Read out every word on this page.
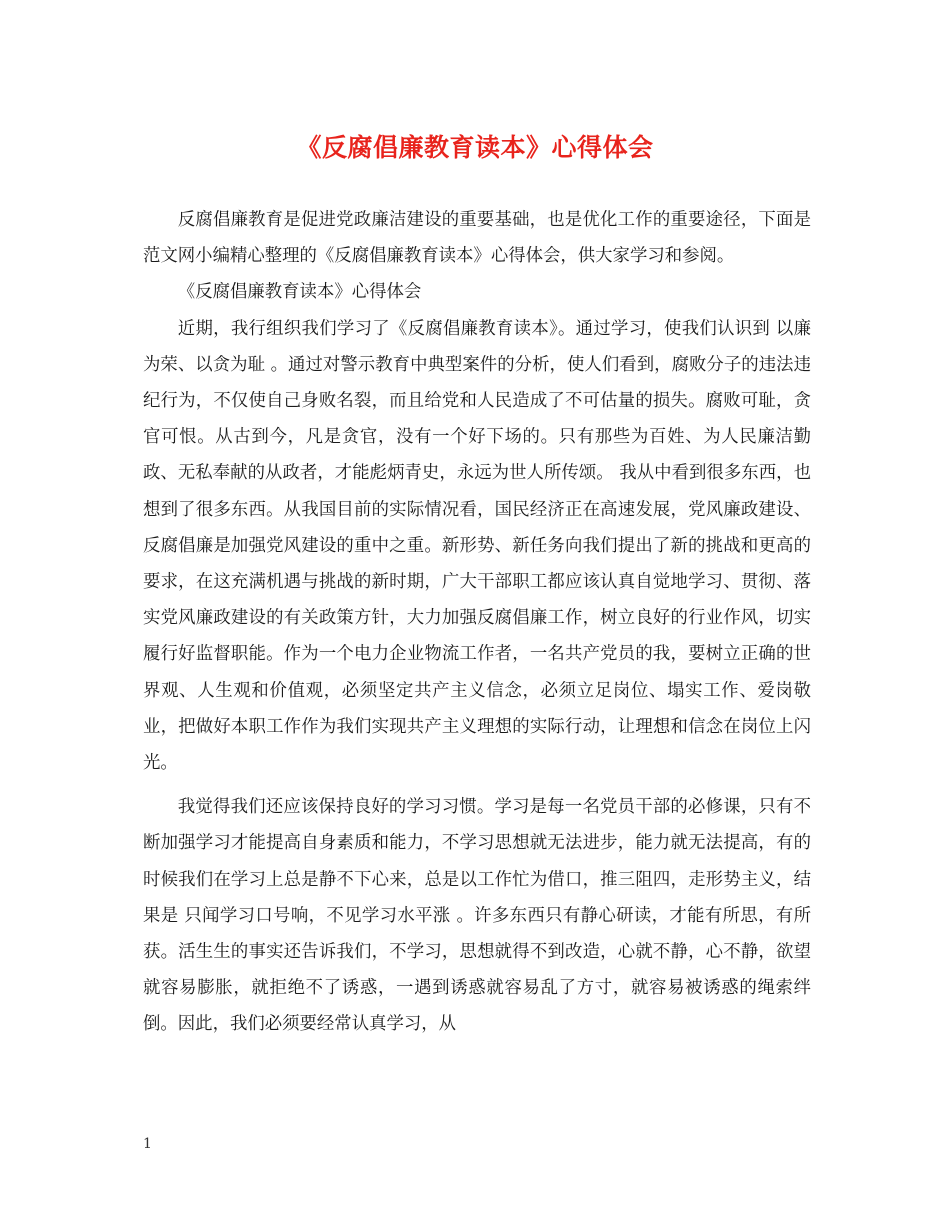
《反腐倡廉教育读本》心得体会

反腐倡廉教育是促进党政廉洁建设的重要基础，也是优化工作的重要途径，下面是范文网小编精心整理的《反腐倡廉教育读本》心得体会，供大家学习和参阅。

《反腐倡廉教育读本》心得体会

近期，我行组织我们学习了《反腐倡廉教育读本》。通过学习，使我们认识到 以廉为荣、以贪为耻 。通过对警示教育中典型案件的分析，使人们看到，腐败分子的违法违纪行为，不仅使自己身败名裂，而且给党和人民造成了不可估量的损失。腐败可耻，贪官可恨。从古到今，凡是贪官，没有一个好下场的。只有那些为百姓、为人民廉洁勤政、无私奉献的从政者，才能彪炳青史，永远为世人所传颂。 我从中看到很多东西，也想到了很多东西。从我国目前的实际情况看，国民经济正在高速发展，党风廉政建设、反腐倡廉是加强党风建设的重中之重。新形势、新任务向我们提出了新的挑战和更高的要求，在这充满机遇与挑战的新时期，广大干部职工都应该认真自觉地学习、贯彻、落实党风廉政建设的有关政策方针，大力加强反腐倡廉工作，树立良好的行业作风，切实履行好监督职能。作为一个电力企业物流工作者，一名共产党员的我，要树立正确的世界观、人生观和价值观，必须坚定共产主义信念，必须立足岗位、塌实工作、爱岗敬业，把做好本职工作作为我们实现共产主义理想的实际行动，让理想和信念在岗位上闪光。

我觉得我们还应该保持良好的学习习惯。学习是每一名党员干部的必修课，只有不断加强学习才能提高自身素质和能力，不学习思想就无法进步，能力就无法提高，有的时候我们在学习上总是静不下心来，总是以工作忙为借口，推三阻四，走形势主义，结果是 只闻学习口号响，不见学习水平涨 。许多东西只有静心研读，才能有所思，有所获。活生生的事实还告诉我们，不学习，思想就得不到改造，心就不静，心不静，欲望就容易膨胀，就拒绝不了诱惑，一遇到诱惑就容易乱了方寸，就容易被诱惑的绳索绊倒。因此，我们必须要经常认真学习，从

1
